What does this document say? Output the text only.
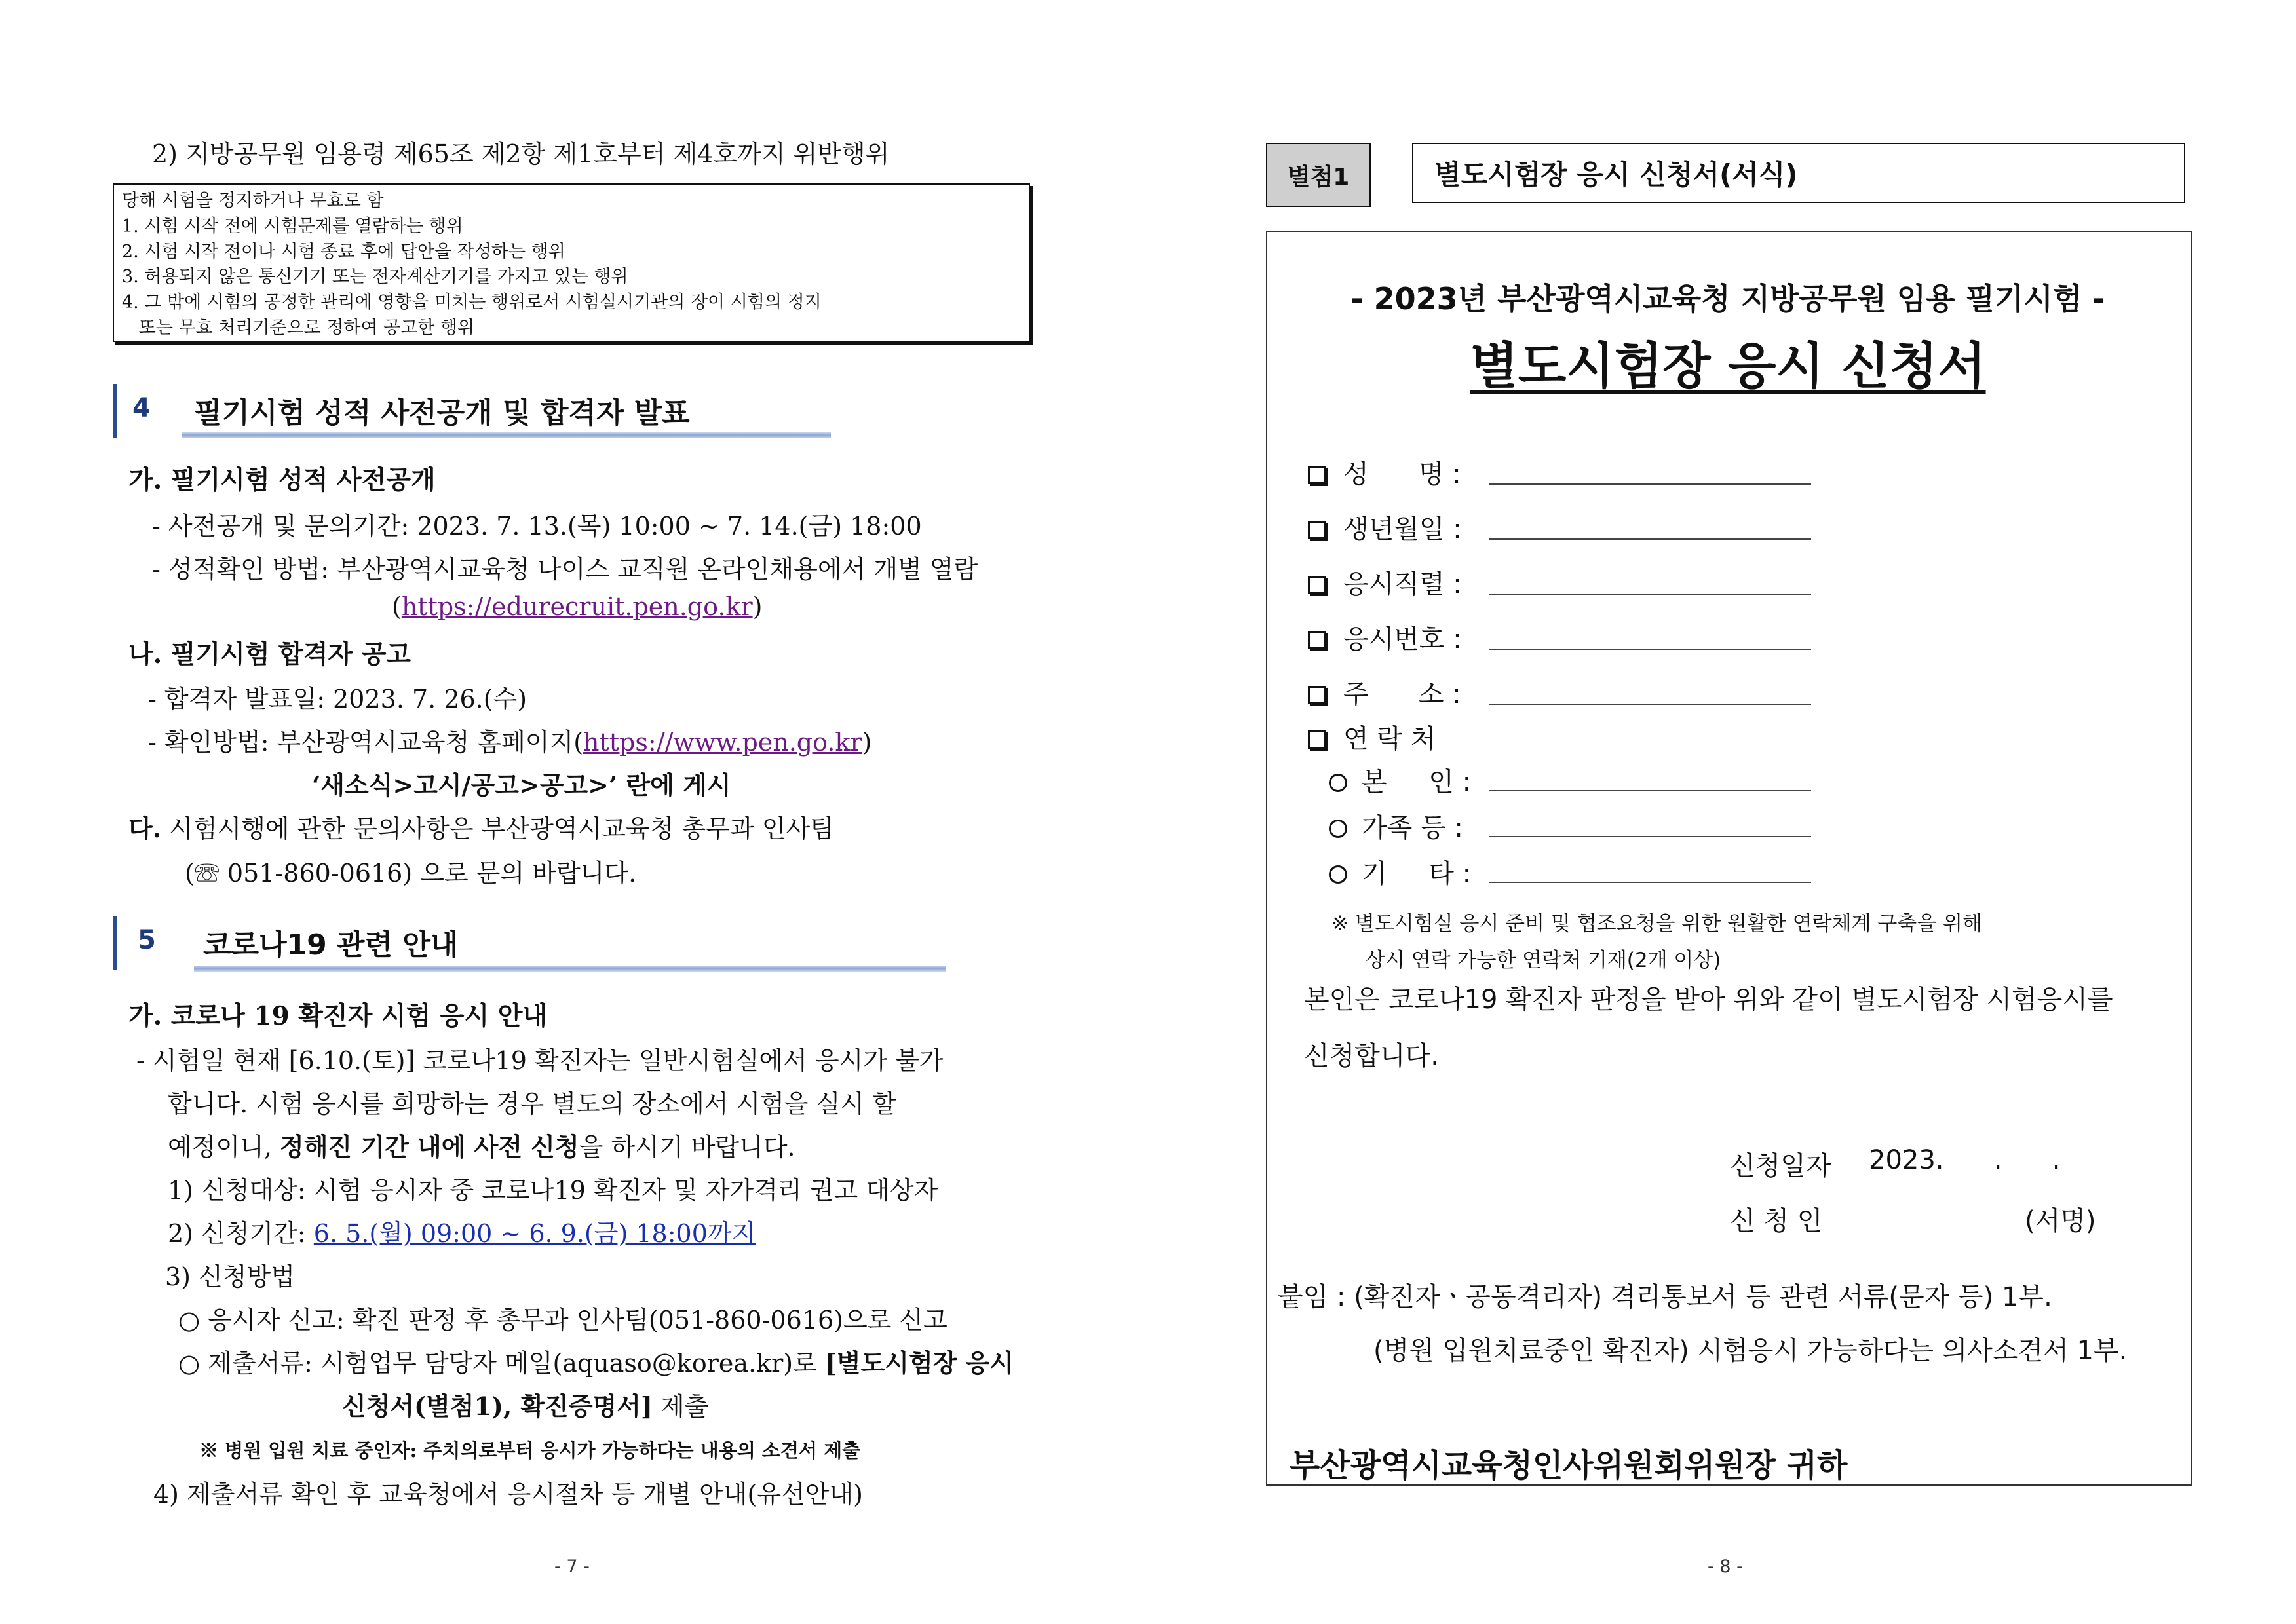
2) 지방공무원 임용령 제65조 제2항 제1호부터 제4호까지 위반행위
당해 시험을 정지하거나 무효로 함
1. 시험 시작 전에 시험문제를 열람하는 행위
2. 시험 시작 전이나 시험 종료 후에 답안을 작성하는 행위
3. 허용되지 않은 통신기기 또는 전자계산기기를 가지고 있는 행위
4. 그 밖에 시험의 공정한 관리에 영향을 미치는 행위로서 시험실시기관의 장이 시험의 정지
또는 무효 처리기준으로 정하여 공고한 행위
4 필기시험 성적 사전공개 및 합격자 발표
가. 필기시험 성적 사전공개
- 사전공개 및 문의기간: 2023. 7. 13.(목) 10:00 ~ 7. 14.(금) 18:00
- 성적확인 방법: 부산광역시교육청 나이스 교직원 온라인채용에서 개별 열람
(https://edurecruit.pen.go.kr)
나. 필기시험 합격자 공고
- 합격자 발표일: 2023. 7. 26.(수)
- 확인방법: 부산광역시교육청 홈페이지(https://www.pen.go.kr)
‘새소식>고시/공고>공고>’ 란에 게시
다. 시험시행에 관한 문의사항은 부산광역시교육청 총무과 인사팀
(☏ 051-860-0616) 으로 문의 바랍니다.
5 코로나19 관련 안내
가. 코로나 19 확진자 시험 응시 안내
- 시험일 현재 [6.10.(토)] 코로나19 확진자는 일반시험실에서 응시가 불가
합니다. 시험 응시를 희망하는 경우 별도의 장소에서 시험을 실시 할
예정이니, 정해진 기간 내에 사전 신청을 하시기 바랍니다.
1) 신청대상: 시험 응시자 중 코로나19 확진자 및 자가격리 권고 대상자
2) 신청기간: 6. 5.(월) 09:00 ~ 6. 9.(금) 18:00까지
3) 신청방법
○ 응시자 신고: 확진 판정 후 총무과 인사팀(051-860-0616)으로 신고
○ 제출서류: 시험업무 담당자 메일(aquaso@korea.kr)로 [별도시험장 응시
신청서(별첨1), 확진증명서] 제출
※ 병원 입원 치료 중인자: 주치의로부터 응시가 가능하다는 내용의 소견서 제출
4) 제출서류 확인 후 교육청에서 응시절차 등 개별 안내(유선안내)
- 7 -
별첨1	별도시험장 응시 신청서(서식)
- 2023년 부산광역시교육청 지방공무원 임용 필기시험 -
별도시험장 응시 신청서
성      명 :
생년월일 :
응시직렬 :
응시번호 :
주      소 :
연 락 처
본     인 :
가족 등 :
기     타 :
※ 별도시험실 응시 준비 및 협조요청을 위한 원활한 연락체계 구축을 위해
상시 연락 가능한 연락처 기재(2개 이상)
본인은 코로나19 확진자 판정을 받아 위와 같이 별도시험장 시험응시를
신청합니다.
신청일자 2023.      .      .
신 청 인	(서명)
붙임 : (확진자ㆍ공동격리자) 격리통보서 등 관련 서류(문자 등) 1부.
(병원 입원치료중인 확진자) 시험응시 가능하다는 의사소견서 1부.
부산광역시교육청인사위원회위원장 귀하
- 8 -
